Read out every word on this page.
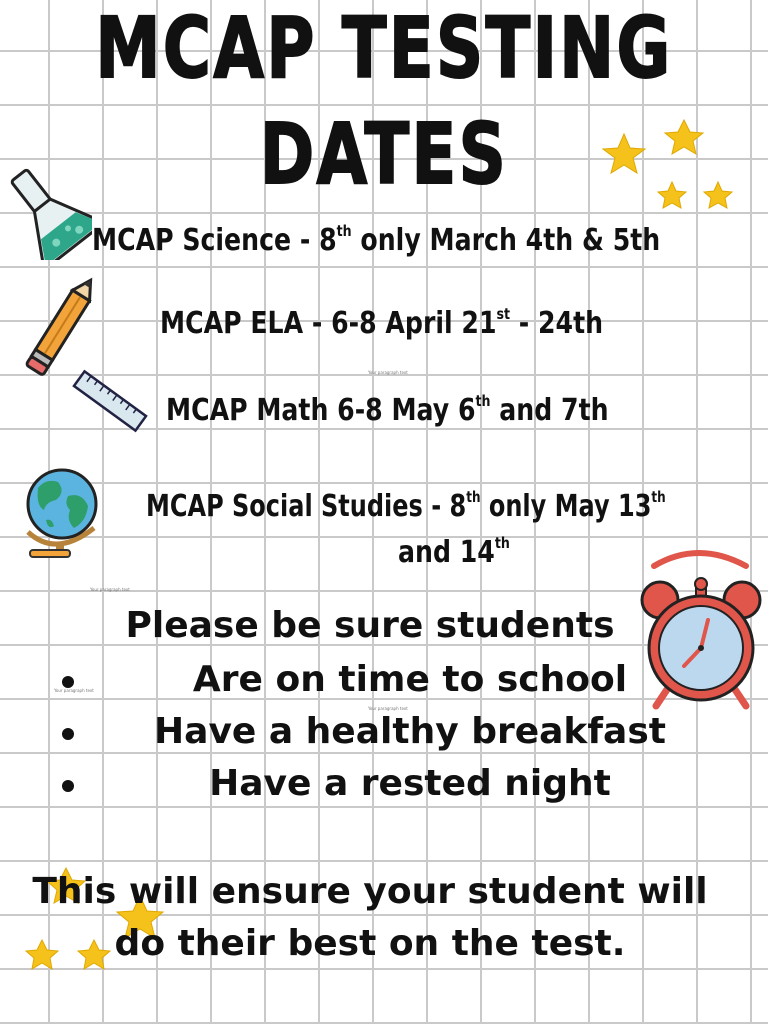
MCAP TESTING
DATES
MCAP Science - 8th only March 4th & 5th
MCAP ELA - 6-8 April 21st - 24th
MCAP Math 6-8 May 6th and 7th
MCAP Social Studies - 8th only May 13th
and 14th
Your paragraph text
Your paragraph text
Your paragraph text
Your paragraph text
Please be sure students
Are on time to school
Have a healthy breakfast
Have a rested night
This will ensure your student will
do their best on the test.
